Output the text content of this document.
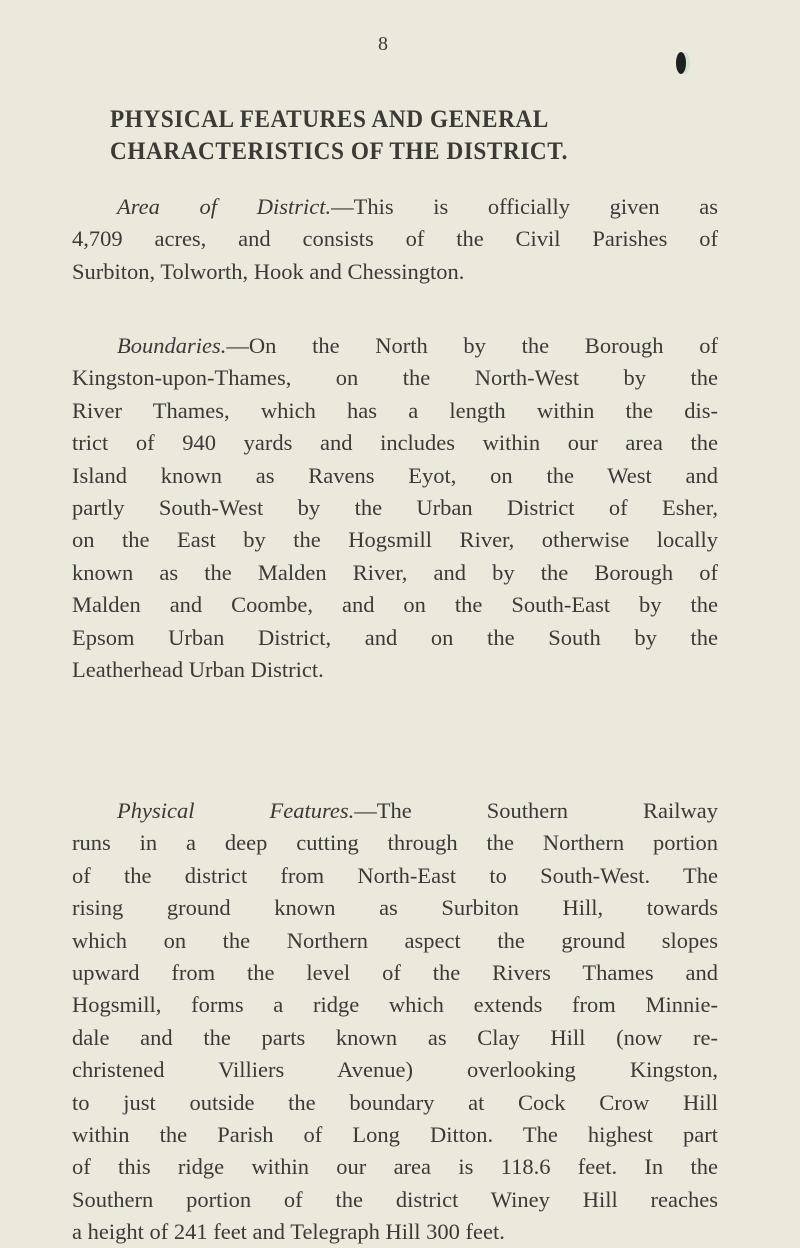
8
PHYSICAL FEATURES AND GENERAL
CHARACTERISTICS OF THE DISTRICT.
Area of District.—This is officially given as
4,709 acres, and consists of the Civil Parishes of
Surbiton, Tolworth, Hook and Chessington.
Boundaries.—On the North by the Borough of
Kingston-upon-Thames, on the North-West by the
River Thames, which has a length within the dis-
trict of 940 yards and includes within our area the
Island known as Ravens Eyot, on the West and
partly South-West by the Urban District of Esher,
on the East by the Hogsmill River, otherwise locally
known as the Malden River, and by the Borough of
Malden and Coombe, and on the South-East by the
Epsom Urban District, and on the South by the
Leatherhead Urban District.
Physical Features.—The Southern Railway
runs in a deep cutting through the Northern portion
of the district from North-East to South-West. The
rising ground known as Surbiton Hill, towards
which on the Northern aspect the ground slopes
upward from the level of the Rivers Thames and
Hogsmill, forms a ridge which extends from Minnie-
dale and the parts known as Clay Hill (now re-
christened Villiers Avenue) overlooking Kingston,
to just outside the boundary at Cock Crow Hill
within the Parish of Long Ditton. The highest part
of this ridge within our area is 118.6 feet. In the
Southern portion of the district Winey Hill reaches
a height of 241 feet and Telegraph Hill 300 feet.
